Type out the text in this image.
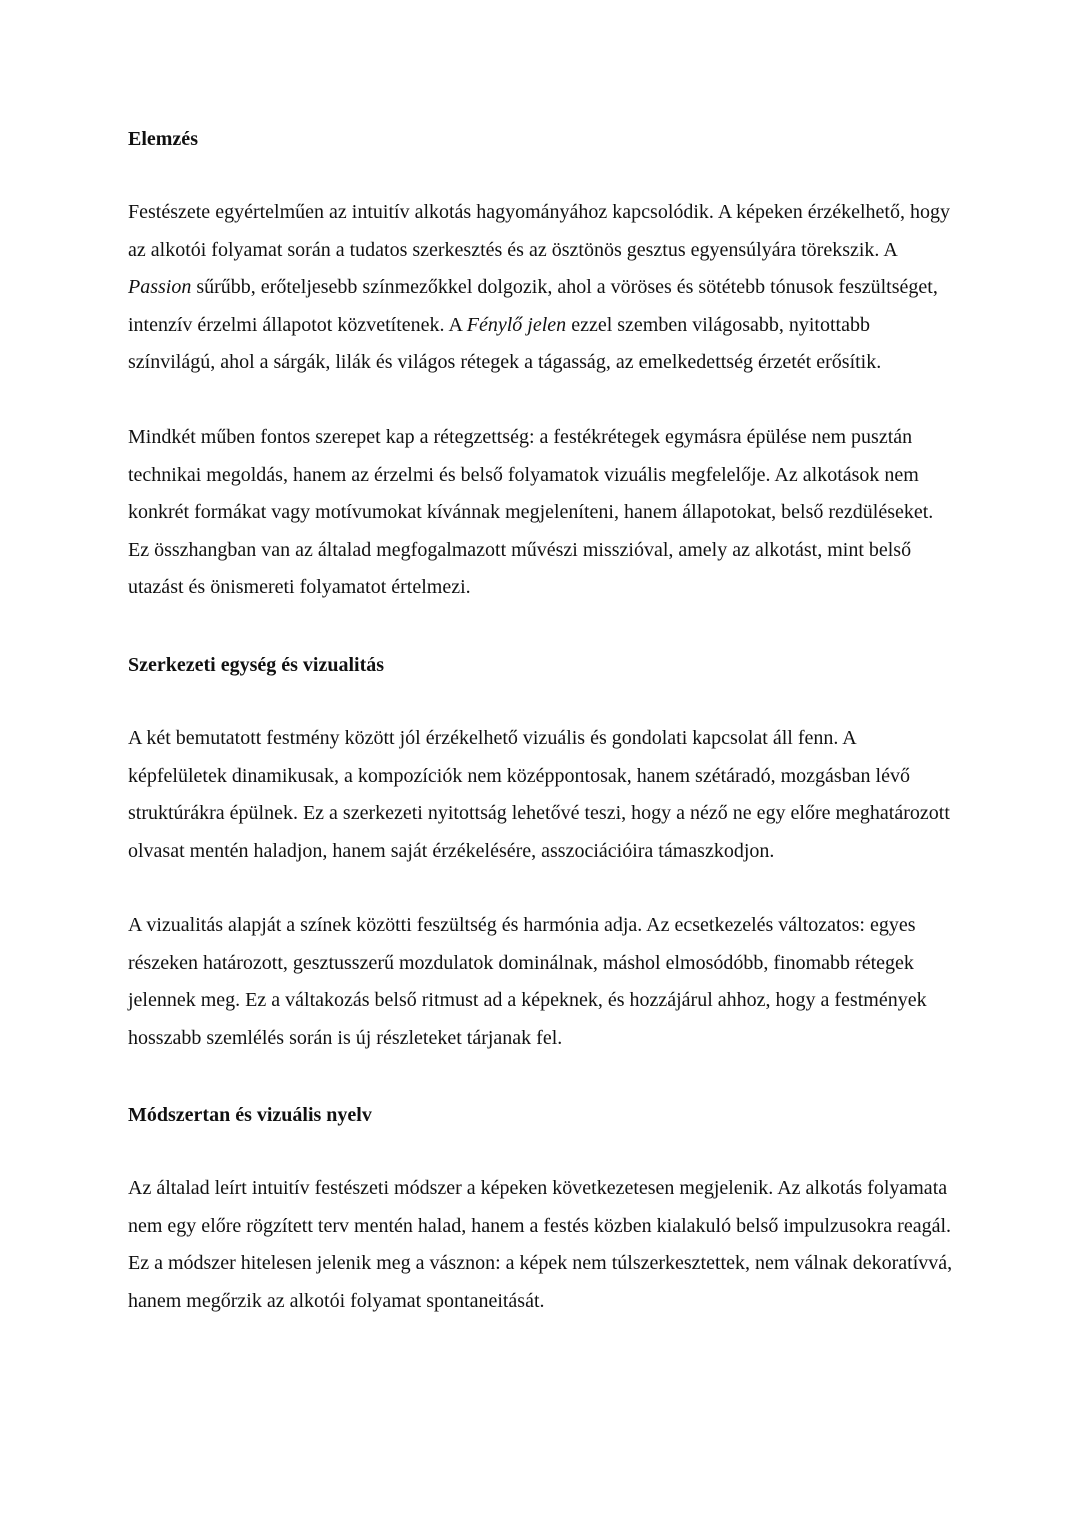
Elemzés

Festészete egyértelműen az intuitív alkotás hagyományához kapcsolódik. A képeken érzékelhető, hogy az alkotói folyamat során a tudatos szerkesztés és az ösztönös gesztus egyensúlyára törekszik. A Passion sűrűbb, erőteljesebb színmezőkkel dolgozik, ahol a vöröses és sötétebb tónusok feszültséget, intenzív érzelmi állapotot közvetítenek. A Fénylő jelen ezzel szemben világosabb, nyitottabb színvilágú, ahol a sárgák, lilák és világos rétegek a tágasság, az emelkedettség érzetét erősítik.

Mindkét műben fontos szerepet kap a rétegzettség: a festékrétegek egymásra épülése nem pusztán technikai megoldás, hanem az érzelmi és belső folyamatok vizuális megfelelője. Az alkotások nem konkrét formákat vagy motívumokat kívánnak megjeleníteni, hanem állapotokat, belső rezdüléseket. Ez összhangban van az általad megfogalmazott művészi misszióval, amely az alkotást, mint belső utazást és önismereti folyamatot értelmezi.

Szerkezeti egység és vizualitás

A két bemutatott festmény között jól érzékelhető vizuális és gondolati kapcsolat áll fenn. A képfelületek dinamikusak, a kompozíciók nem középpontosak, hanem szétáradó, mozgásban lévő struktúrákra épülnek. Ez a szerkezeti nyitottság lehetővé teszi, hogy a néző ne egy előre meghatározott olvasat mentén haladjon, hanem saját érzékelésére, asszociációira támaszkodjon.

A vizualitás alapját a színek közötti feszültség és harmónia adja. Az ecsetkezelés változatos: egyes részeken határozott, gesztusszerű mozdulatok dominálnak, máshol elmosódóbb, finomabb rétegek jelennek meg. Ez a váltakozás belső ritmust ad a képeknek, és hozzájárul ahhoz, hogy a festmények hosszabb szemlélés során is új részleteket tárjanak fel.

Módszertan és vizuális nyelv

Az általad leírt intuitív festészeti módszer a képeken következetesen megjelenik. Az alkotás folyamata nem egy előre rögzített terv mentén halad, hanem a festés közben kialakuló belső impulzusokra reagál. Ez a módszer hitelesen jelenik meg a vásznon: a képek nem túlszerkesztettek, nem válnak dekoratívvá, hanem megőrzik az alkotói folyamat spontaneitását.
